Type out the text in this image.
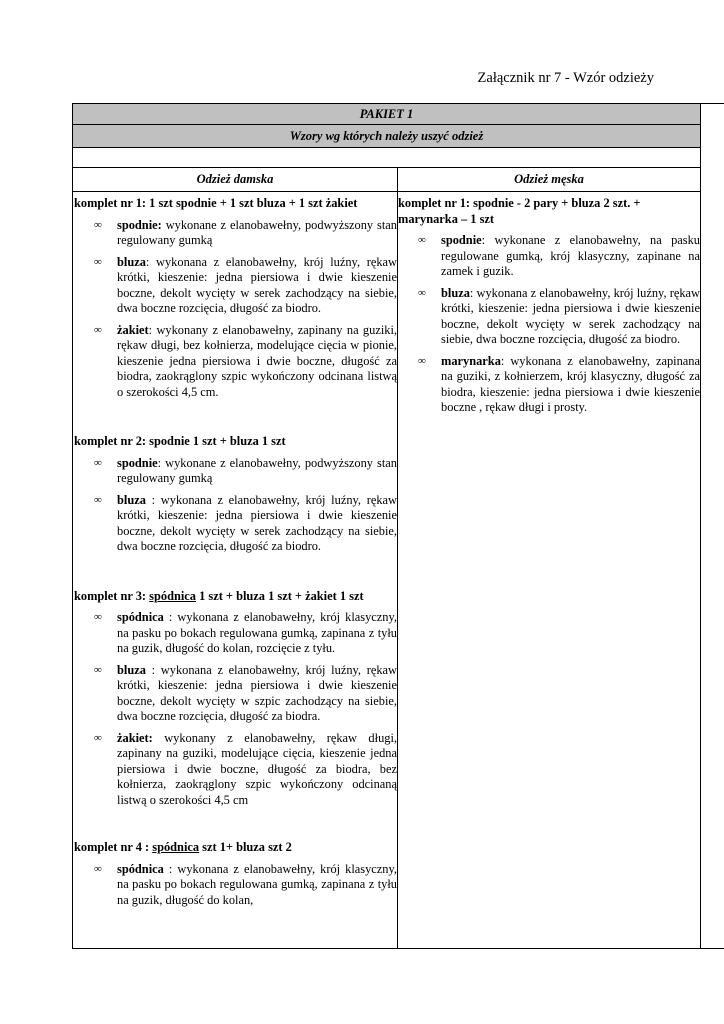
Załącznik nr 7 - Wzór odzieży
PAKIET 1
Wzory wg których należy uszyć odzież
Odzież damska	Odzież męska

komplet nr 1: 1 szt spodnie + 1 szt bluza + 1 szt żakiet

∞ spodnie: wykonane z elanobawełny, podwyższony stan regulowany gumką
∞ bluza: wykonana z elanobawełny, krój luźny, rękaw krótki, kieszenie: jedna piersiowa i dwie kieszenie boczne, dekolt wycięty w serek zachodzący na siebie, dwa boczne rozcięcia, długość za biodro.
∞ żakiet: wykonany z elanobawełny, zapinany na guziki, rękaw długi, bez kołnierza, modelujące cięcia w pionie, kieszenie jedna piersiowa i dwie boczne, długość za biodra, zaokrąglony szpic wykończony odcinana listwą o szerokości 4,5 cm.

komplet nr 2: spodnie 1 szt + bluza 1 szt

∞ spodnie: wykonane z elanobawełny, podwyższony stan regulowany gumką
∞ bluza : wykonana z elanobawełny, krój luźny, rękaw krótki, kieszenie: jedna piersiowa i dwie kieszenie boczne, dekolt wycięty w serek zachodzący na siebie, dwa boczne rozcięcia, długość za biodro.

komplet nr 3: spódnica 1 szt + bluza 1 szt + żakiet 1 szt

∞ spódnica : wykonana z elanobawełny, krój klasyczny, na pasku po bokach regulowana gumką, zapinana z tyłu na guzik, długość do kolan, rozcięcie z tyłu.
∞ bluza : wykonana z elanobawełny, krój luźny, rękaw krótki, kieszenie: jedna piersiowa i dwie kieszenie boczne, dekolt wycięty w szpic zachodzący na siebie, dwa boczne rozcięcia, długość za biodra.
∞ żakiet: wykonany z elanobawełny, rękaw długi, zapinany na guziki, modelujące cięcia, kieszenie jedna piersiowa i dwie boczne, długość za biodra, bez kołnierza, zaokrąglony szpic wykończony odcinaną listwą o szerokości 4,5 cm

komplet nr 4 : spódnica szt 1+ bluza szt 2

∞ spódnica : wykonana z elanobawełny, krój klasyczny, na pasku po bokach regulowana gumką, zapinana z tyłu na guzik, długość do kolan,

komplet nr 1: spodnie - 2 pary + bluza 2 szt. + marynarka – 1 szt

∞ spodnie: wykonane z elanobawełny, na pasku regulowane gumką, krój klasyczny, zapinane na zamek i guzik.
∞ bluza: wykonana z elanobawełny, krój luźny, rękaw krótki, kieszenie: jedna piersiowa i dwie kieszenie boczne, dekolt wycięty w serek zachodzący na siebie, dwa boczne rozcięcia, długość za biodro.
∞ marynarka: wykonana z elanobawełny, zapinana na guziki, z kołnierzem, krój klasyczny, długość za biodra, kieszenie: jedna piersiowa i dwie kieszenie boczne , rękaw długi i prosty.
